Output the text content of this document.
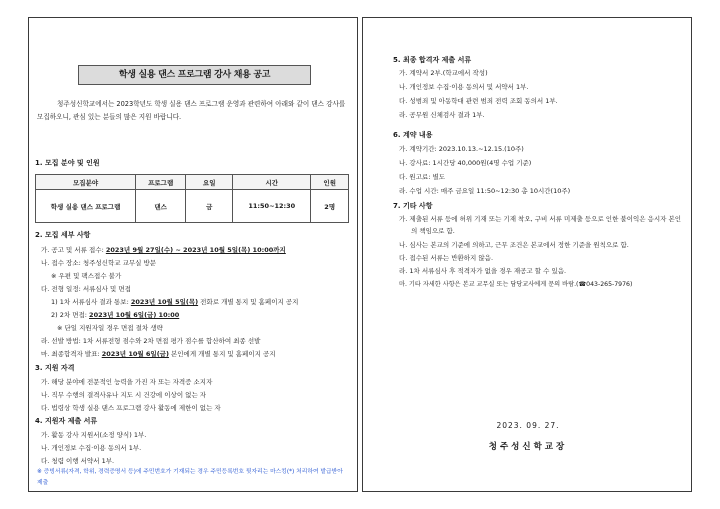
학생 실용 댄스 프로그램 강사 채용 공고
청주성신학교에서는 2023학년도 학생 실용 댄스 프로그램 운영과 관련하여 아래와 같이 댄스 강사를 모집하오니, 관심 있는 분들의 많은 지원 바랍니다.
1. 모집 분야 및 인원
모집분야	프로그램	요일	시간	인원
학생 실용 댄스 프로그램	댄스	금	11:50~12:30	2명
2. 모집 세부 사항
가. 공고 및 서류 접수: 2023년 9월 27일(수) ~ 2023년 10월 5일(목) 10:00까지
나. 접수 장소: 청주성신학교 교무실 방문
※ 우편 및 팩스접수 불가
다. 전형 일정: 서류심사 및 면접
1) 1차 서류심사 결과 통보: 2023년 10월 5일(목) 전화로 개별 통지 및 홈페이지 공지
2) 2차 면접: 2023년 10월 6일(금) 10:00
※ 단일 지원자일 경우 면접 절차 생략
라. 선발 방법: 1차 서류전형 점수와 2차 면접 평가 점수를 합산하여 최종 선발
마. 최종합격자 발표: 2023년 10월 6일(금) 본인에게 개별 통지 및 홈페이지 공지
3. 지원 자격
가. 해당 분야에 전문적인 능력을 가진 자 또는 자격증 소지자
나. 직무 수행의 결격사유나 지도 시 건강에 이상이 없는 자
다. 법령상 학생 실용 댄스 프로그램 강사 활동에 제한이 없는 자
4. 지원자 제출 서류
가. 활동 강사 지원서(소정 양식) 1부.
나. 개인정보 수집·이용 동의서 1부.
다. 청렴 이행 서약서 1부.
※ 증빙서류(자격, 학위, 경력증명서 등)에 주민번호가 기재되는 경우 주민등록번호 뒷자리는 마스킹(*) 처리하여 발급받아 제출
5. 최종 합격자 제출 서류
가. 계약서 2부.(학교에서 작성)
나. 개인정보 수집·이용 동의서 및 서약서 1부.
다. 성범죄 및 아동학대 관련 범죄 전력 조회 동의서 1부.
라. 공무원 신체검사 결과 1부.
6. 계약 내용
가. 계약기간: 2023.10.13.~12.15.(10주)
나. 강사료: 1시간당 40,000원(4명 수업 기준)
다. 원고료: 별도
라. 수업 시간: 매주 금요일 11:50~12:30 총 10시간(10주)
7. 기타 사항
가. 제출된 서류 등에 허위 기재 또는 기재 착오, 구비 서류 미제출 등으로 인한 불이익은 응시자 본인의 책임으로 함.
나. 심사는 본교의 기준에 의하고, 근무 조건은 본교에서 정한 기준을 원칙으로 함.
다. 접수된 서류는 반환하지 않음.
라. 1차 서류심사 후 적격자가 없을 경우 재공고 할 수 있음.
마. 기타 자세한 사항은 본교 교무실 또는 담당교사에게 문의 바람.(☎043-265-7976)
2023. 09. 27.
청주성신학교장
